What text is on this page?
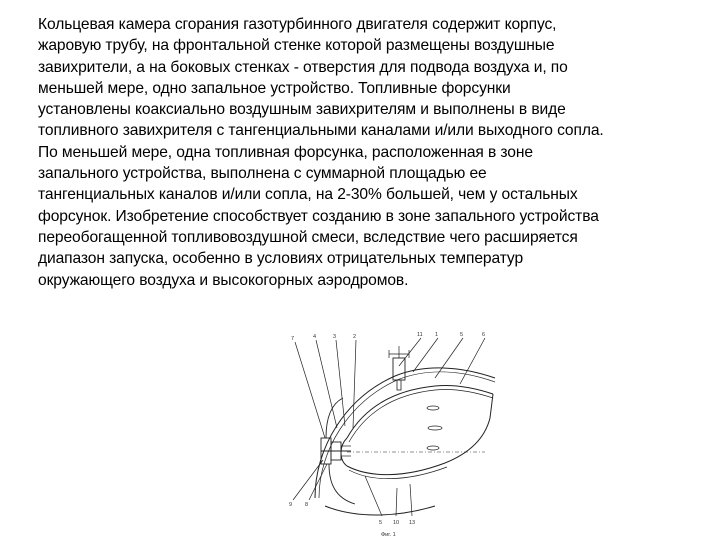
Кольцевая камера сгорания газотурбинного двигателя содержит корпус,
жаровую трубу, на фронтальной стенке которой размещены воздушные
завихрители, а на боковых стенках - отверстия для подвода воздуха и, по
меньшей мере, одно запальное устройство. Топливные форсунки
установлены коаксиально воздушным завихрителям и выполнены в виде
топливного завихрителя с тангенциальными каналами и/или выходного сопла.
По меньшей мере, одна топливная форсунка, расположенная в зоне
запального устройства, выполнена с суммарной площадью ее
тангенциальных каналов и/или сопла, на 2-30% большей, чем у остальных
форсунок. Изобретение способствует созданию в зоне запального устройства
переобогащенной топливовоздушной смеси, вследствие чего расширяется
диапазон запуска, особенно в условиях отрицательных температур
окружающего воздуха и высокогорных аэродромов.
7	4	3	2	11 1	5	6
9 8
5 10 13
Фиг. 1
